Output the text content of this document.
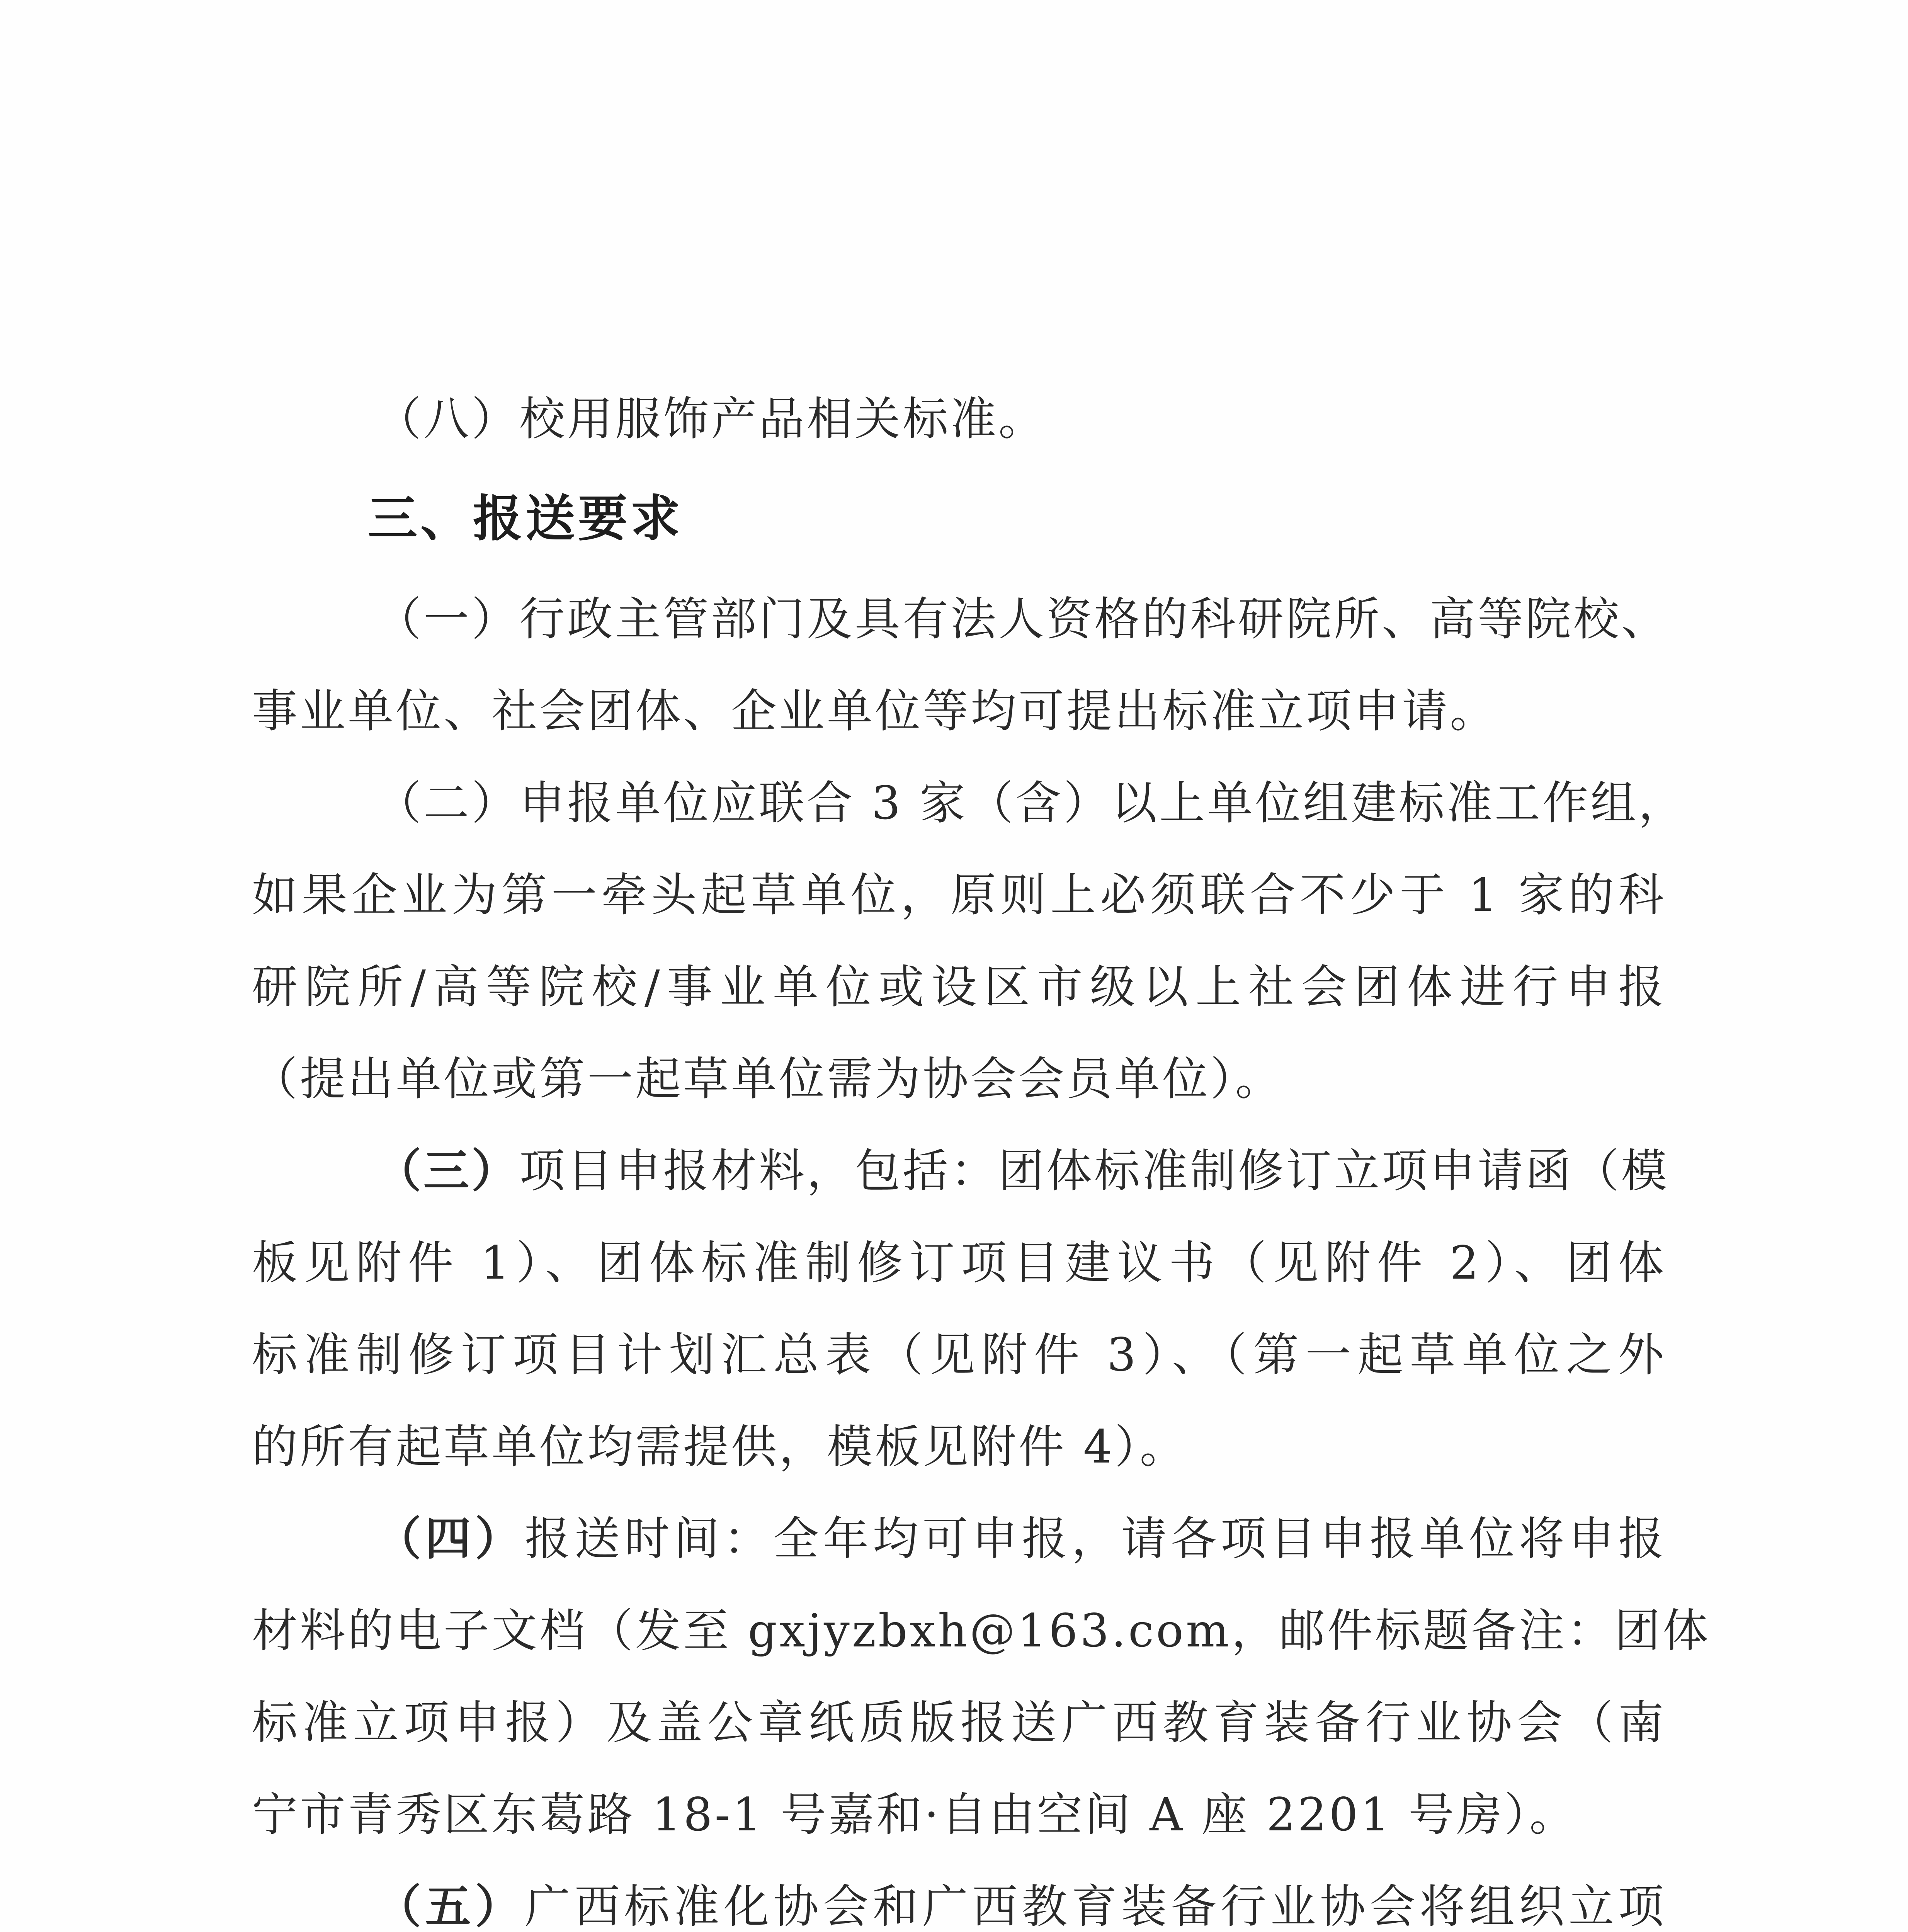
（八）校用服饰产品相关标准。
三、报送要求
（一）行政主管部门及具有法人资格的科研院所、高等院校、
事业单位、社会团体、企业单位等均可提出标准立项申请。
（二）申报单位应联合 3 家（含）以上单位组建标准工作组，
如果企业为第一牵头起草单位，原则上必须联合不少于 1 家的科
研院所/高等院校/事业单位或设区市级以上社会团体进行申报
（提出单位或第一起草单位需为协会会员单位）。
（三）项目申报材料，包括：团体标准制修订立项申请函（模
板见附件 1）、团体标准制修订项目建议书（见附件 2）、团体
标准制修订项目计划汇总表（见附件 3）、（第一起草单位之外
的所有起草单位均需提供，模板见附件 4）。
（四）报送时间：全年均可申报，请各项目申报单位将申报
材料的电子文档（发至 gxjyzbxh@163.com，邮件标题备注：团体
标准立项申报）及盖公章纸质版报送广西教育装备行业协会（南
宁市青秀区东葛路 18-1 号嘉和·自由空间 A 座 2201 号房）。
（五）广西标准化协会和广西教育装备行业协会将组织立项
